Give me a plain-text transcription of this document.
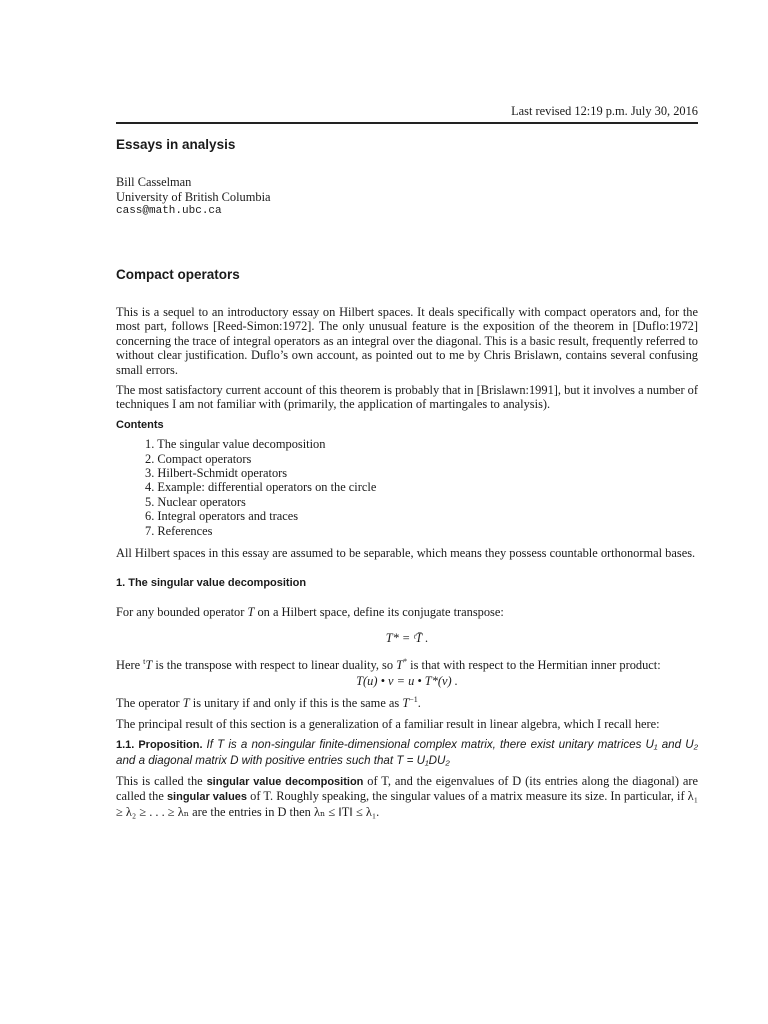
Last revised 12:19 p.m. July 30, 2016
Essays in analysis
Bill Casselman
University of British Columbia
cass@math.ubc.ca
Compact operators

This is a sequel to an introductory essay on Hilbert spaces. It deals specifically with compact operators and, for the most part, follows [Reed-Simon:1972]. The only unusual feature is the exposition of the theorem in [Duflo:1972] concerning the trace of integral operators as an integral over the diagonal. This is a basic result, frequently referred to without clear justification. Duflo’s own account, as pointed out to me by Chris Brislawn, contains several confusing small errors.

The most satisfactory current account of this theorem is probably that in [Brislawn:1991], but it involves a number of techniques I am not familiar with (primarily, the application of martingales to analysis).

Contents
1. The singular value decomposition
2. Compact operators
3. Hilbert-Schmidt operators
4. Example: differential operators on the circle
5. Nuclear operators
6. Integral operators and traces
7. References

All Hilbert spaces in this essay are assumed to be separable, which means they possess countable orthonormal bases.

1. The singular value decomposition

For any bounded operator T on a Hilbert space, define its conjugate transpose:

T* = ᵗT̄ .

Here $^t$T is the transpose with respect to linear duality, so T* is that with respect to the Hermitian inner product:

T(u) • v = u • T*(v) .

The operator T is unitary if and only if this is the same as $T^{-1}$.

The principal result of this section is a generalization of a familiar result in linear algebra, which I recall here:

1.1. Proposition. If T is a non-singular finite-dimensional complex matrix, there exist unitary matrices U₁ and U₂ and a diagonal matrix D with positive entries such that T = U₁DU₂

This is called the singular value decomposition of T, and the eigenvalues of D (its entries along the diagonal) are called the singular values of T. Roughly speaking, the singular values of a matrix measure its size. In particular, if λ₁ ≥ λ₂ ≥ . . . ≥ λₙ are the entries in D then λₙ ≤ ‖T‖ ≤ λ₁.
